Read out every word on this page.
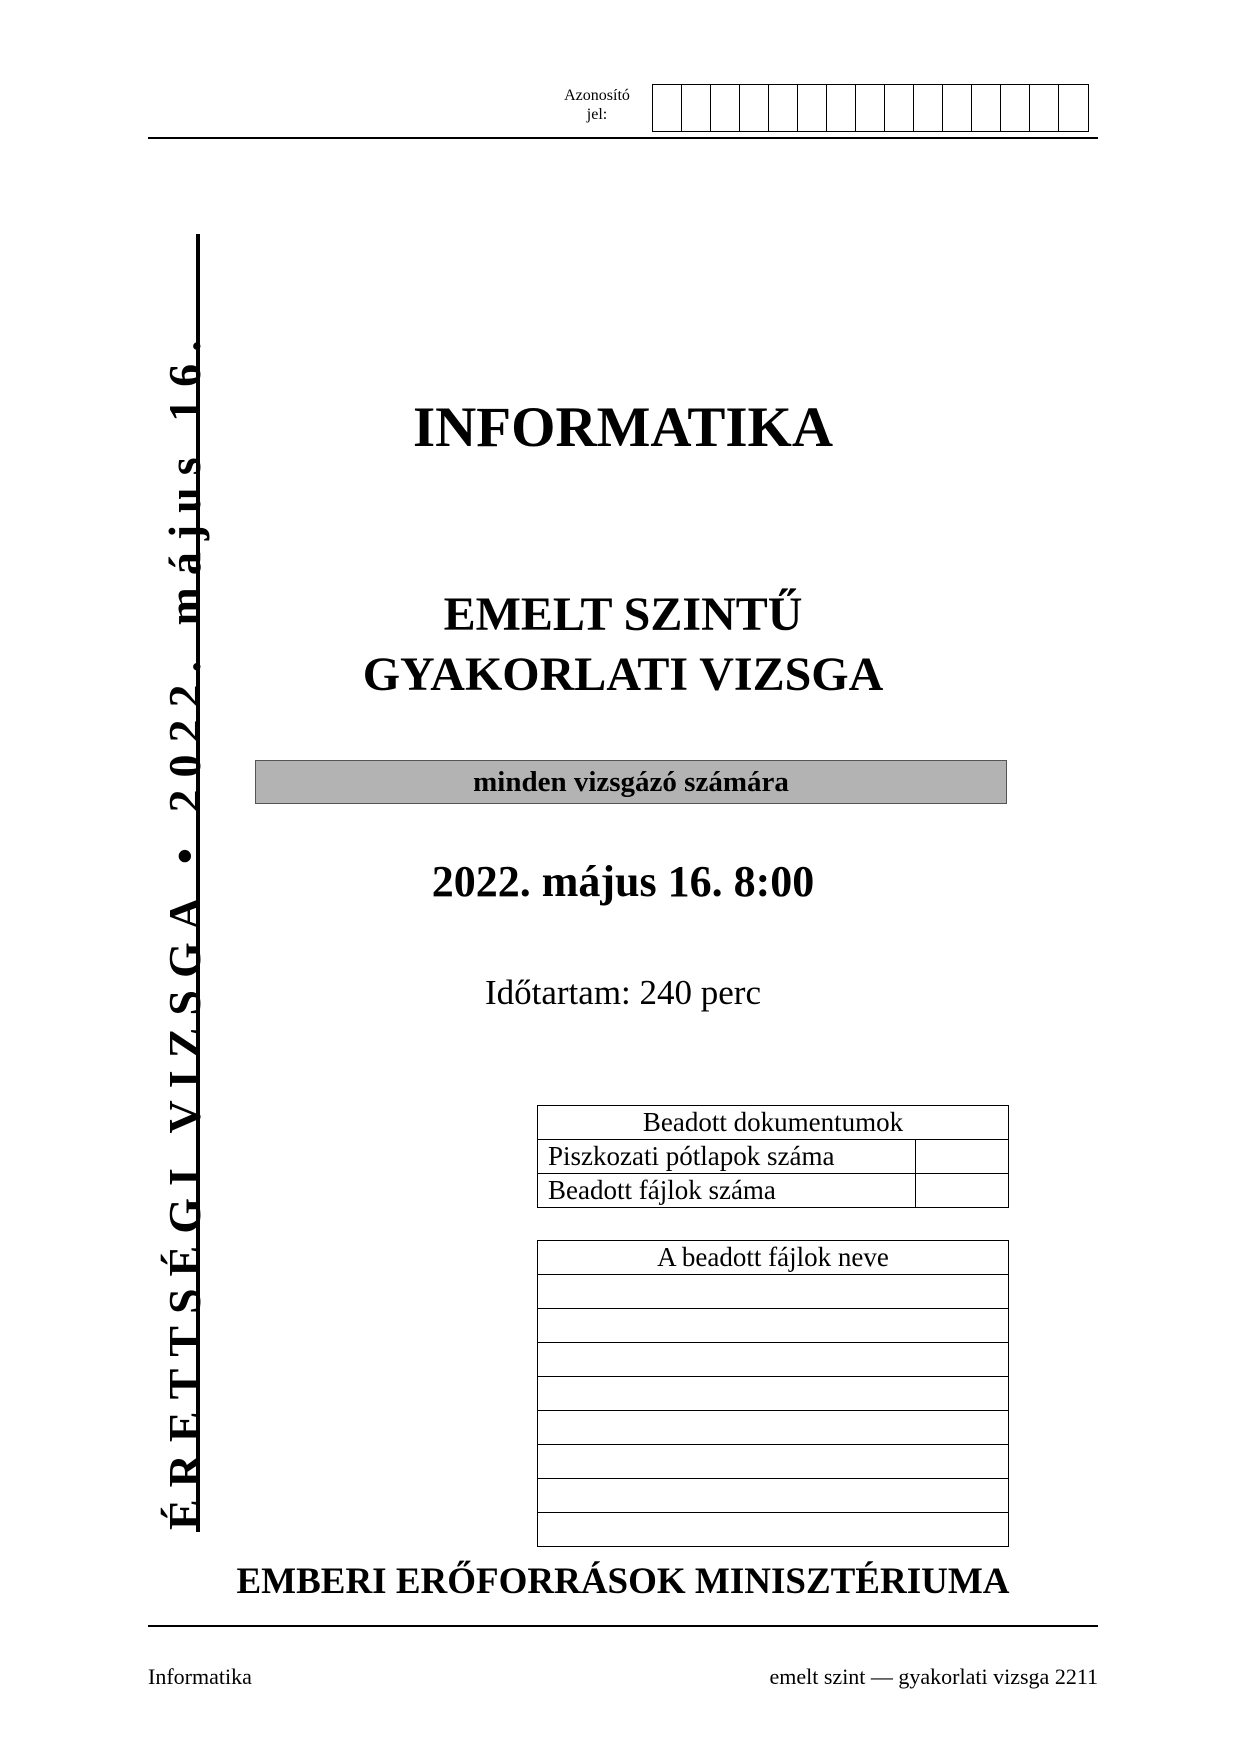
Azonosító
jel:
ÉRETTSÉGI VIZSGA • 2022. május 16.	INFORMATIKA
EMELT SZINTŰ
GYAKORLATI VIZSGA
minden vizsgázó számára
2022. május 16. 8:00
Időtartam: 240 perc
Beadott dokumentumok	
Piszkozati pótlapok száma	
Beadott fájlok száma	
A beadott fájlok neve

EMBERI ERŐFORRÁSOK MINISZTÉRIUMA
Informatika	emelt szint — gyakorlati vizsga 2211
